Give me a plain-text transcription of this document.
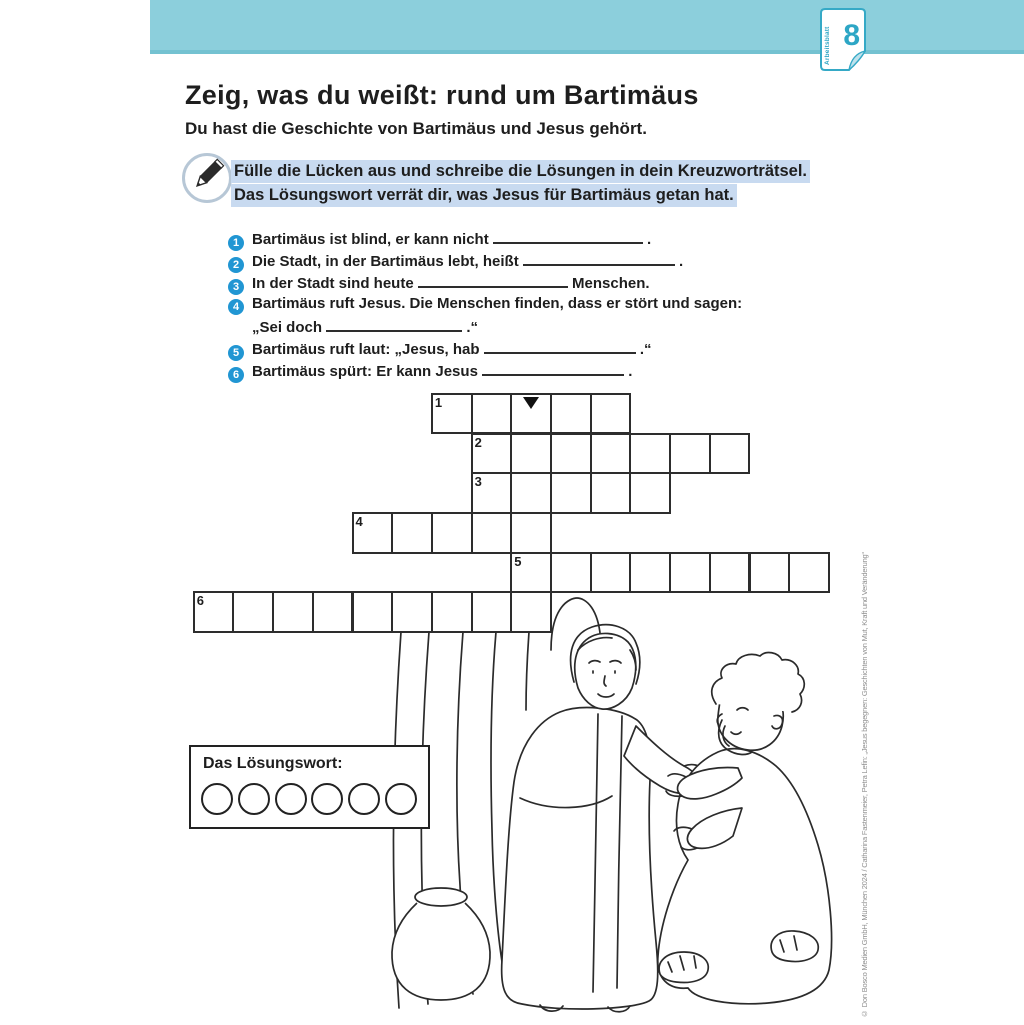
Arbeitsblatt 8
Zeig, was du weißt: rund um Bartimäus
Du hast die Geschichte von Bartimäus und Jesus gehört.
Fülle die Lücken aus und schreibe die Lösungen in dein Kreuzworträtsel.
Das Lösungswort verrät dir, was Jesus für Bartimäus getan hat.
1 Bartimäus ist blind, er kann nicht	.
2 Die Stadt, in der Bartimäus lebt, heißt	.
3 In der Stadt sind heute	Menschen.
4 Bartimäus ruft Jesus. Die Menschen finden, dass er stört und sagen:
„Sei doch	.“
5 Bartimäus ruft laut: „Jesus, hab	.“
6 Bartimäus spürt: Er kann Jesus	.
1
2
3
4
5
6
Das Lösungswort:	© Don Bosco Medien GmbH, München 2024 / Catharina Fastenmeier, Petra Lefin: „Jesus begegnen: Geschichten von Mut, Kraft und Veränderung“
